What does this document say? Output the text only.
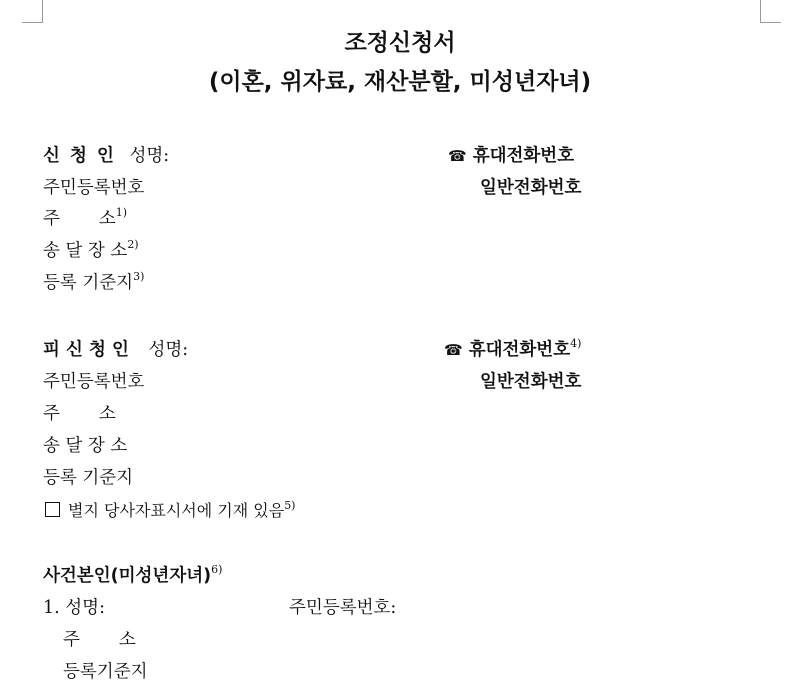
조정신청서
(이혼, 위자료, 재산분할, 미성년자녀)
신 청 인 성명:	☎ 휴대전화번호
주민등록번호	일반전화번호
주       소$^{1)}$
송 달 장 소$^{2)}$
등록 기준지$^{3)}$
피 신 청 인 성명:	☎ 휴대전화번호$^{4)}$
주민등록번호	일반전화번호
주       소
송 달 장 소
등록 기준지
별지 당사자표시서에 기재 있음$^{5)}$
사건본인(미성년자녀)$^{6)}$
1. 성명:	주민등록번호:
주       소
등록기준지
